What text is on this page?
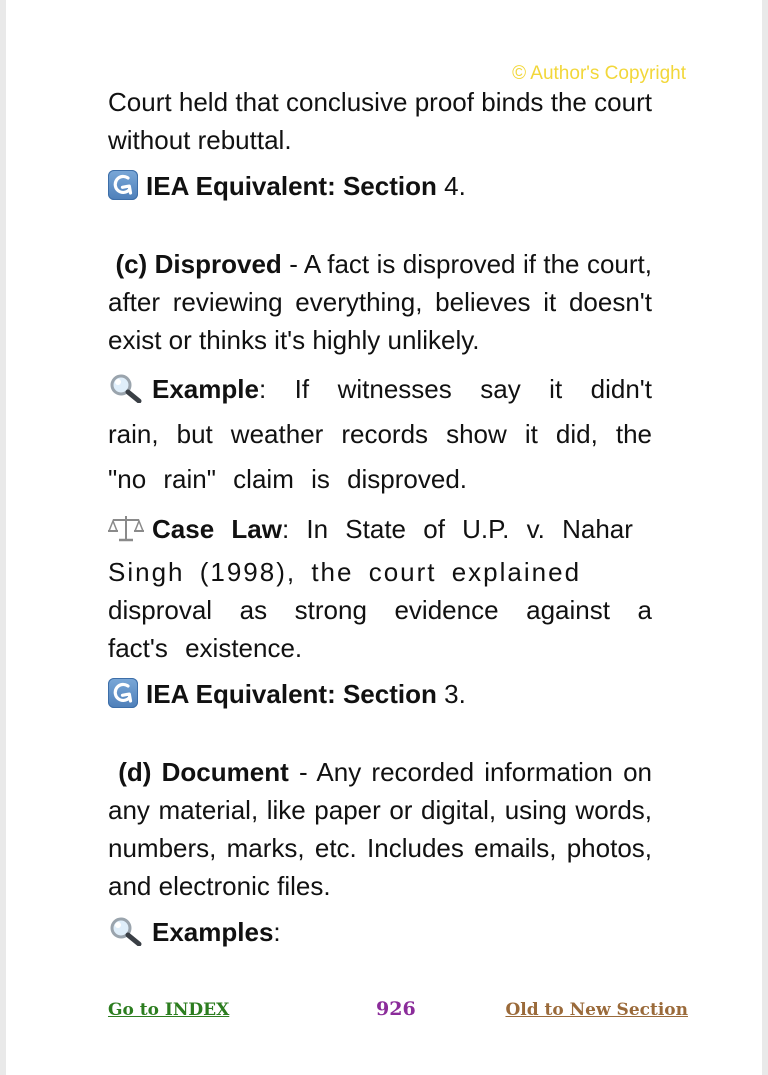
© Author's Copyright

Court held that conclusive proof binds the court without rebuttal.

IEA Equivalent: Section 4.

(c) Disproved - A fact is disproved if the court, after reviewing everything, believes it doesn't exist or thinks it's highly unlikely.

Example: If witnesses say it didn't rain, but weather records show it did, the "no rain" claim is disproved.

Case Law: In State of U.P. v. Nahar

Singh (1998), the court explained

disproval as strong evidence against a fact's existence.

IEA Equivalent: Section 3.

(d) Document - Any recorded information on any material, like paper or digital, using words, numbers, marks, etc. Includes emails, photos, and electronic files.

Examples:

Go to INDEX	926	Old to New Section
